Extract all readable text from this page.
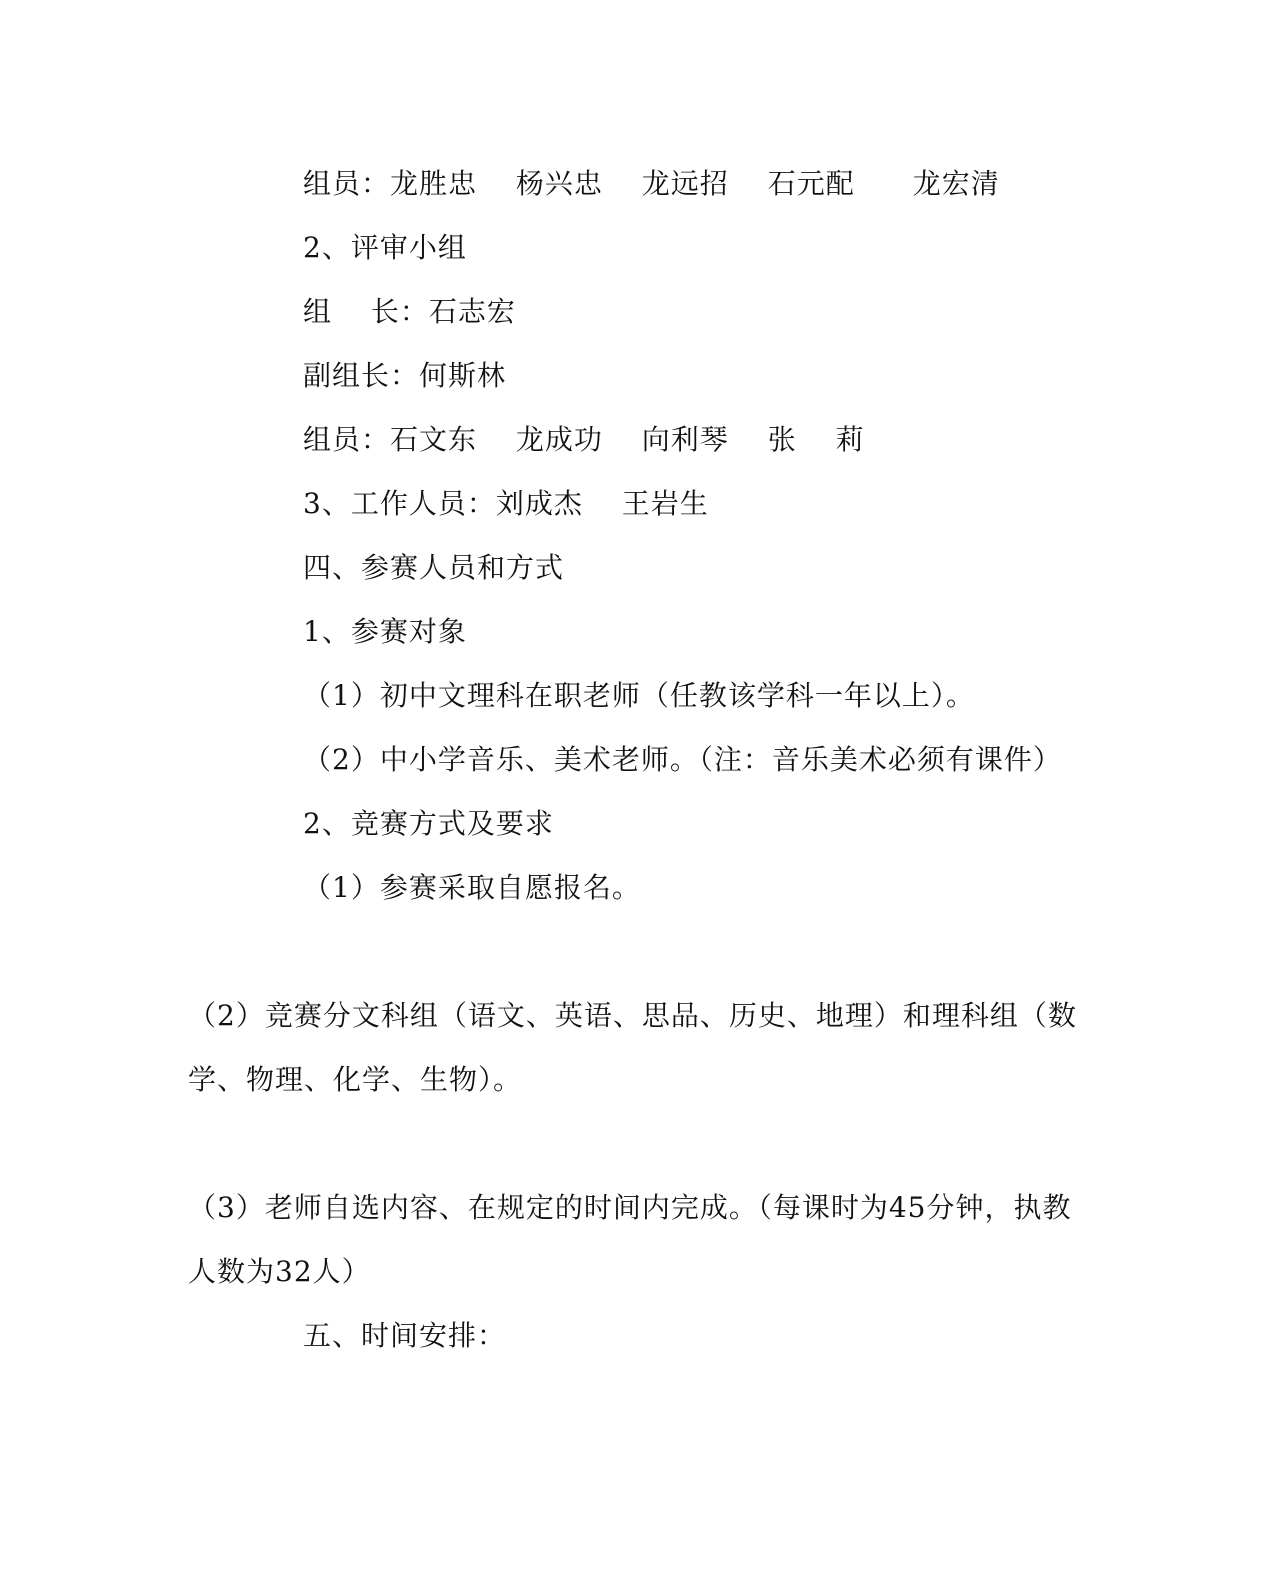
组员：龙胜忠　 杨兴忠　 龙远招　 石元配　　龙宏清
2、评审小组
组　 长：石志宏
副组长：何斯林
组员：石文东　 龙成功　 向利琴　 张　 莉
3、工作人员：刘成杰　 王岩生
四、参赛人员和方式
1、参赛对象
（1）初中文理科在职老师（任教该学科一年以上）。
（2）中小学音乐、美术老师。（注：音乐美术必须有课件）
2、竞赛方式及要求
（1）参赛采取自愿报名。
（2）竞赛分文科组（语文、英语、思品、历史、地理）和理科组（数
学、物理、化学、生物）。
（3）老师自选内容、在规定的时间内完成。（每课时为45分钟，执教
人数为32人）
五、时间安排：
